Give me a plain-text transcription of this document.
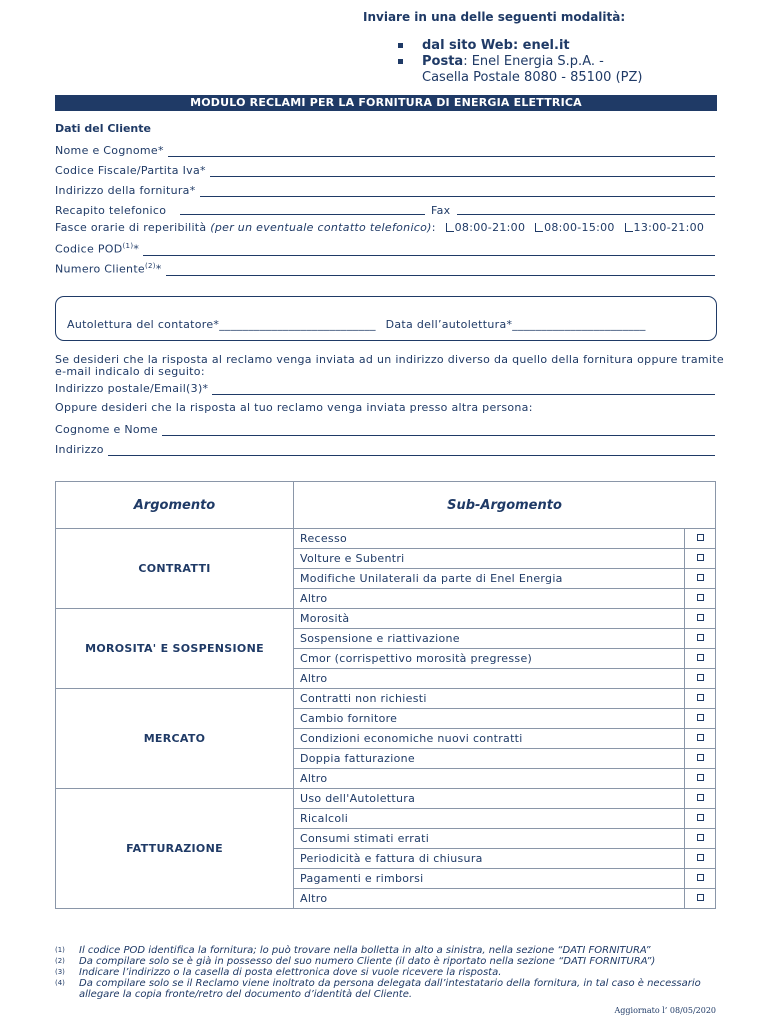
Inviare in una delle seguenti modalità:
dal sito Web: enel.it
Posta: Enel Energia S.p.A. -
Casella Postale 8080 - 85100 (PZ)
MODULO RECLAMI PER LA FORNITURA DI ENERGIA ELETTRICA
Dati del Cliente
Nome e Cognome*
Codice Fiscale/Partita Iva*
Indirizzo della fornitura*
Recapito telefonico	Fax
Fasce orarie di reperibilità (per un eventuale contatto telefonico): 08:00-21:00 08:00-15:00 13:00-21:00
Codice POD$^{(1)}$*
Numero Cliente$^{(2)}$*
Autolettura del contatore*___________________________ Data dell’autolettura*_______________________
Se desideri che la risposta al reclamo venga inviata ad un indirizzo diverso da quello della fornitura oppure tramite
e-mail indicalo di seguito:
Indirizzo postale/Email(3)*
Oppure desideri che la risposta al tuo reclamo venga inviata presso altra persona:
Cognome e Nome
Indirizzo
Argomento	Sub-Argomento	
CONTRATTI	Recesso	
	Volture e Subentri	
	Modifiche Unilaterali da parte di Enel Energia	
	Altro	
MOROSITA' E SOSPENSIONE	Morosità	
	Sospensione e riattivazione	
	Cmor (corrispettivo morosità pregresse)	
	Altro	
MERCATO	Contratti non richiesti	
	Cambio fornitore	
	Condizioni economiche nuovi contratti	
	Doppia fatturazione	
	Altro	
FATTURAZIONE	Uso dell'Autolettura	
	Ricalcoli	
	Consumi stimati errati	
	Periodicità e fattura di chiusura	
	Pagamenti e rimborsi	
	Altro	
(1) Il codice POD identifica la fornitura; lo può trovare nella bolletta in alto a sinistra, nella sezione “DATI FORNITURA”
(2) Da compilare solo se è già in possesso del suo numero Cliente (il dato è riportato nella sezione “DATI FORNITURA”)
(3) Indicare l’indirizzo o la casella di posta elettronica dove si vuole ricevere la risposta.
(4) Da compilare solo se il Reclamo viene inoltrato da persona delegata dall’intestatario della fornitura, in tal caso è necessario allegare la copia fronte/retro del documento d’identità del Cliente.
Aggiornato l’ 08/05/2020
